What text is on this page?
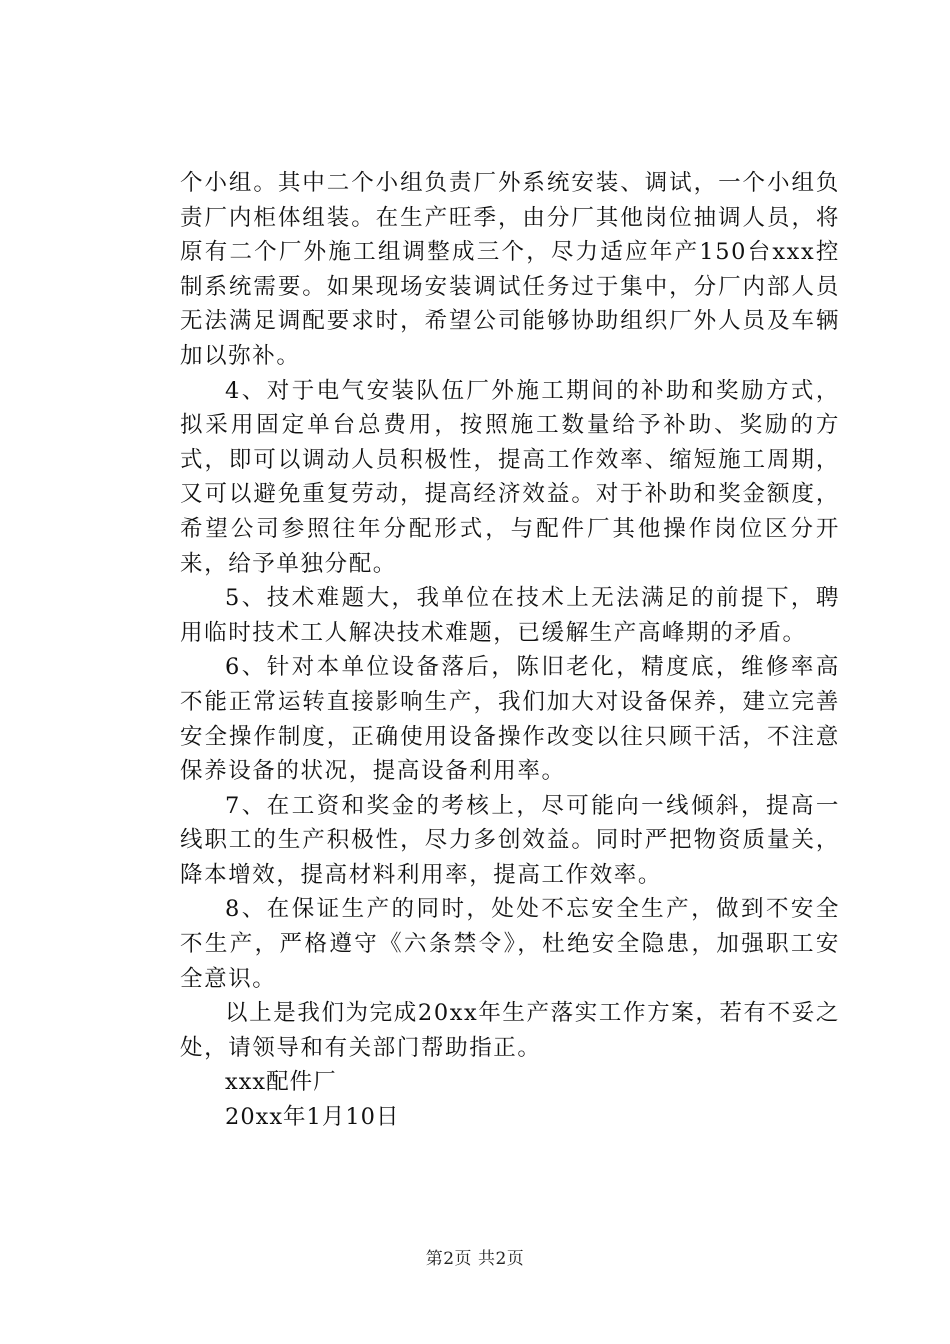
个小组。其中二个小组负责厂外系统安装、调试，一个小组负责厂内柜体组装。在生产旺季，由分厂其他岗位抽调人员，将原有二个厂外施工组调整成三个，尽力适应年产150台xxx控制系统需要。如果现场安装调试任务过于集中，分厂内部人员无法满足调配要求时，希望公司能够协助组织厂外人员及车辆加以弥补。

4、对于电气安装队伍厂外施工期间的补助和奖励方式，拟采用固定单台总费用，按照施工数量给予补助、奖励的方式，即可以调动人员积极性，提高工作效率、缩短施工周期，又可以避免重复劳动，提高经济效益。对于补助和奖金额度，希望公司参照往年分配形式，与配件厂其他操作岗位区分开来，给予单独分配。

5、技术难题大，我单位在技术上无法满足的前提下，聘用临时技术工人解决技术难题，已缓解生产高峰期的矛盾。

6、针对本单位设备落后，陈旧老化，精度底，维修率高不能正常运转直接影响生产，我们加大对设备保养，建立完善安全操作制度，正确使用设备操作改变以往只顾干活，不注意保养设备的状况，提高设备利用率。

7、在工资和奖金的考核上，尽可能向一线倾斜，提高一线职工的生产积极性，尽力多创效益。同时严把物资质量关，降本增效，提高材料利用率，提高工作效率。

8、在保证生产的同时，处处不忘安全生产，做到不安全不生产，严格遵守《六条禁令》，杜绝安全隐患，加强职工安全意识。

以上是我们为完成20xx年生产落实工作方案，若有不妥之处，请领导和有关部门帮助指正。

xxx配件厂

20xx年1月10日

第2页 共2页
